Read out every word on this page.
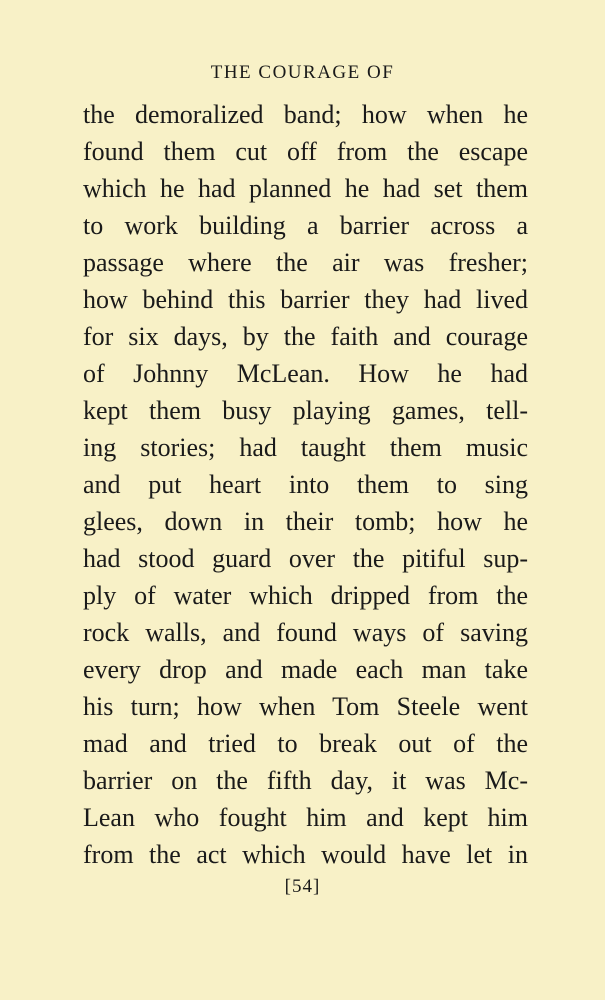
THE COURAGE OF
the demoralized band; how when he
found them cut off from the escape
which he had planned he had set them
to work building a barrier across a
passage where the air was fresher;
how behind this barrier they had lived
for six days, by the faith and courage
of Johnny McLean. How he had
kept them busy playing games, tell-
ing stories; had taught them music
and put heart into them to sing
glees, down in their tomb; how he
had stood guard over the pitiful sup-
ply of water which dripped from the
rock walls, and found ways of saving
every drop and made each man take
his turn; how when Tom Steele went
mad and tried to break out of the
barrier on the fifth day, it was Mc-
Lean who fought him and kept him
from the act which would have let in
[54]
